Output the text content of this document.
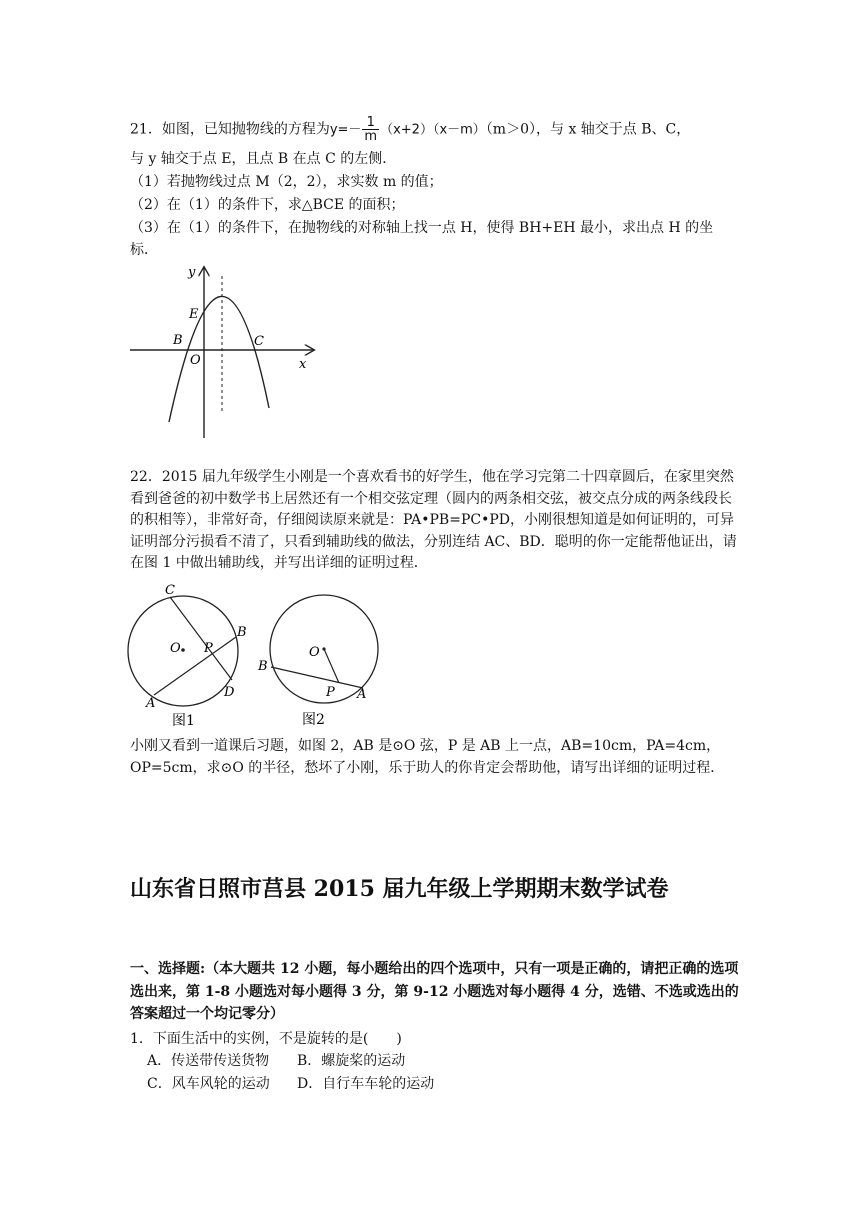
21．如图，已知抛物线的方程为$y=- \frac{1}{m} (x+2)(x-m)(m>0)$，与 x 轴交于点 B、C，
与 y 轴交于点 E，且点 B 在点 C 的左侧．
（1）若抛物线过点 M（2，2），求实数 m 的值；
（2）在（1）的条件下，求△BCE 的面积；
（3）在（1）的条件下，在抛物线的对称轴上找一点 H，使得 BH+EH 最小，求出点 H 的坐
标．
y
x
E
B	C
O

22．2015 届九年级学生小刚是一个喜欢看书的好学生，他在学习完第二十四章圆后，在家里突然看到爸爸的初中数学书上居然还有一个相交弦定理（圆内的两条相交弦，被交点分成的两条线段长的积相等），非常好奇，仔细阅读原来就是：PA•PB=PC•PD，小刚很想知道是如何证明的，可异证明部分污损看不清了，只看到辅助线的做法，分别连结 AC、BD．聪明的你一定能帮他证出，请在图 1 中做出辅助线，并写出详细的证明过程．

C
O P
B
A
D
图1
O
B
P A
图2

小刚又看到一道课后习题，如图 2，AB 是⊙O 弦，P 是 AB 上一点，AB=10cm，PA=4cm，OP=5cm，求⊙O 的半径，愁坏了小刚，乐于助人的你肯定会帮助他，请写出详细的证明过程．

山东省日照市莒县 2015 届九年级上学期期末数学试卷

一、选择题:（本大题共 12 小题，每小题给出的四个选项中，只有一项是正确的，请把正确的选项选出来，第 1-8 小题选对每小题得 3 分，第 9-12 小题选对每小题得 4 分，选错、不选或选出的答案超过一个均记零分）

1．下面生活中的实例，不是旋转的是(　　)
A．传送带传送货物 B．螺旋桨的运动
C．风车风轮的运动 D．自行车车轮的运动
